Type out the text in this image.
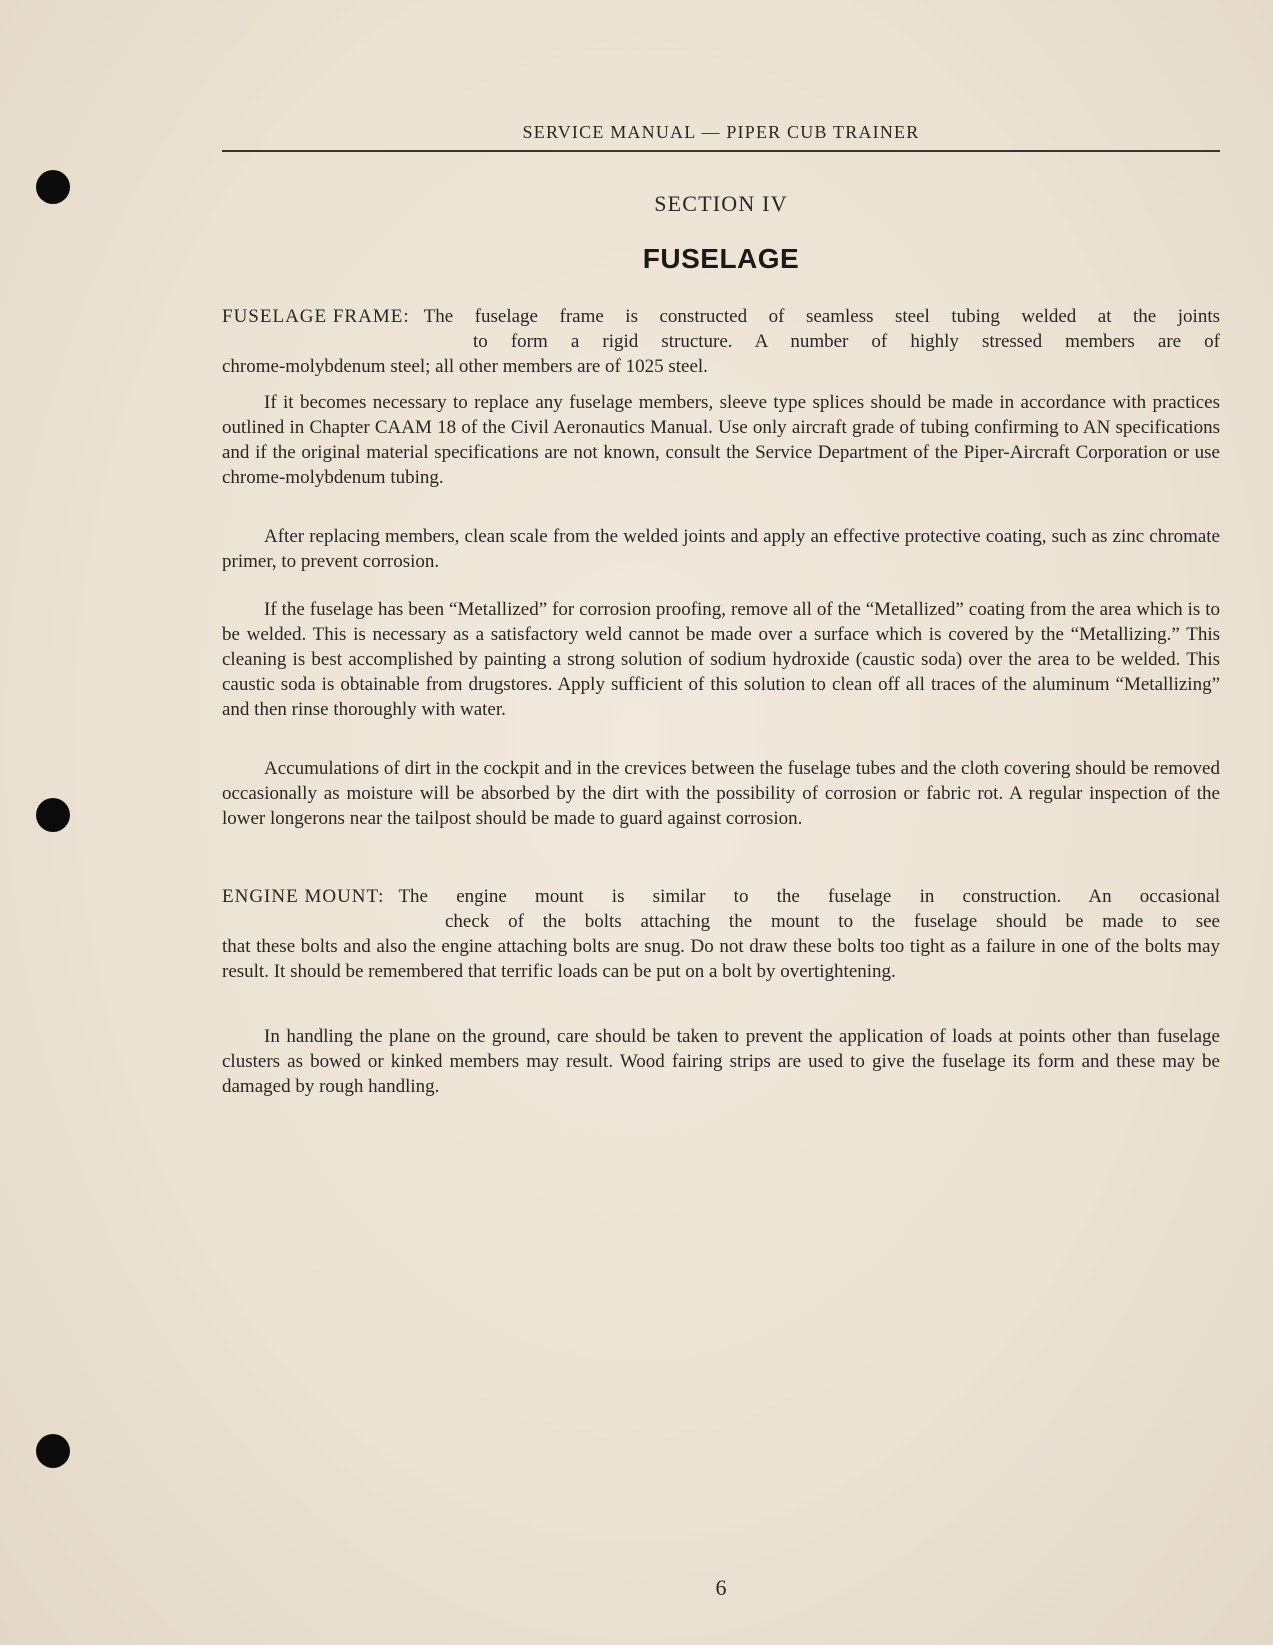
SERVICE MANUAL — PIPER CUB TRAINER
SECTION IV
FUSELAGE
FUSELAGE FRAME: The fuselage frame is constructed of seamless steel tubing welded at the joints

to form a rigid structure. A number of highly stressed members are of

chrome-molybdenum steel; all other members are of 1025 steel.

If it becomes necessary to replace any fuselage members, sleeve type splices should be made in accordance with practices outlined in Chapter CAAM 18 of the Civil Aeronautics Manual. Use only aircraft grade of tubing confirming to AN specifications and if the original material specifications are not known, consult the Service Department of the Piper-Aircraft Corporation or use chrome-molybdenum tubing.

After replacing members, clean scale from the welded joints and apply an effective protective coating, such as zinc chromate primer, to prevent corrosion.

If the fuselage has been “Metallized” for corrosion proofing, remove all of the “Metallized” coating from the area which is to be welded. This is necessary as a satisfactory weld cannot be made over a surface which is covered by the “Metallizing.” This cleaning is best accomplished by painting a strong solution of sodium hydroxide (caustic soda) over the area to be welded. This caustic soda is obtainable from drugstores. Apply sufficient of this solution to clean off all traces of the aluminum “Metallizing” and then rinse thoroughly with water.

Accumulations of dirt in the cockpit and in the crevices between the fuselage tubes and the cloth covering should be removed occasionally as moisture will be absorbed by the dirt with the possibility of corrosion or fabric rot. A regular inspection of the lower longerons near the tailpost should be made to guard against corrosion.

ENGINE MOUNT: The engine mount is similar to the fuselage in construction. An occasional

check of the bolts attaching the mount to the fuselage should be made to see

that these bolts and also the engine attaching bolts are snug. Do not draw these bolts too tight as a failure in one of the bolts may result. It should be remembered that terrific loads can be put on a bolt by overtightening.

In handling the plane on the ground, care should be taken to prevent the application of loads at points other than fuselage clusters as bowed or kinked members may result. Wood fairing strips are used to give the fuselage its form and these may be damaged by rough handling.

6
